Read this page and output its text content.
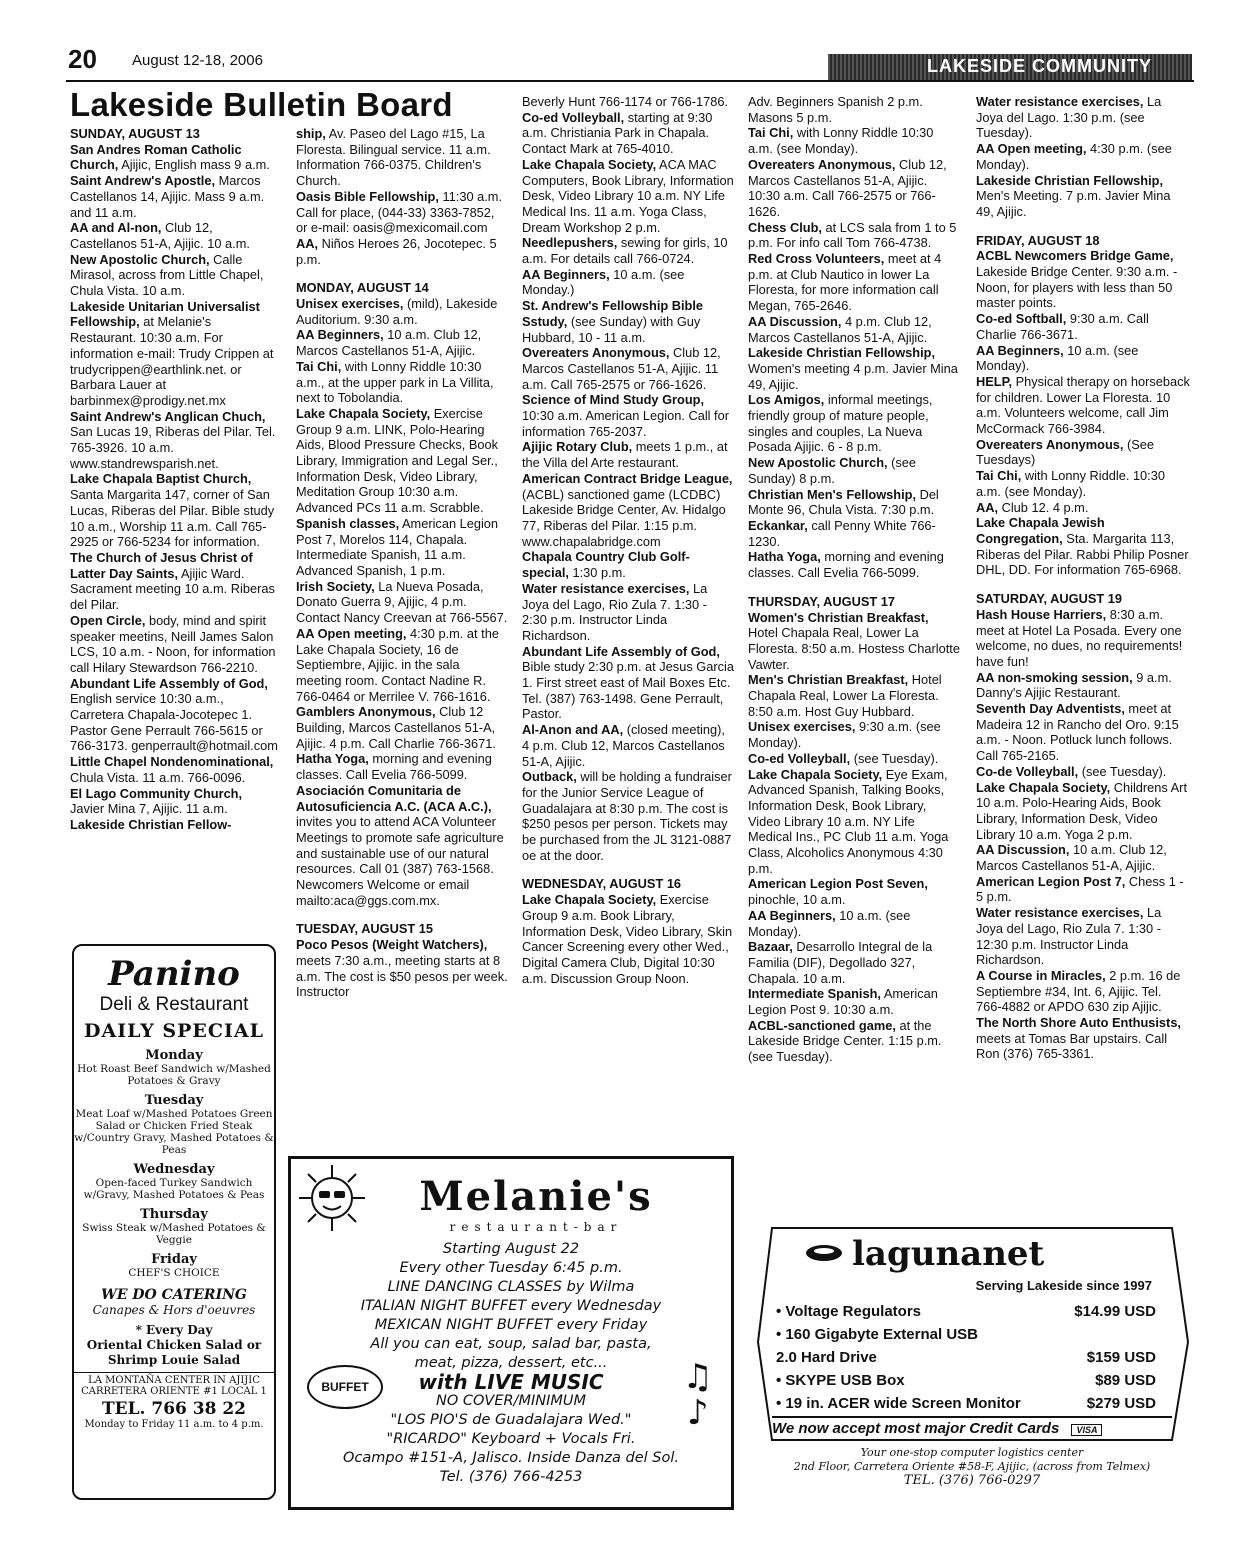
20 August 12-18, 2006	LAKESIDE COMMUNITY
Lakeside Bulletin Board

SUNDAY, AUGUST 13

San Andres Roman Catholic Church, Ajijic, English mass 9 a.m.

Saint Andrew's Apostle, Marcos Castellanos 14, Ajijic. Mass 9 a.m. and 11 a.m.

AA and Al-non, Club 12, Castellanos 51-A, Ajijic. 10 a.m.

New Apostolic Church, Calle Mirasol, across from Little Chapel, Chula Vista. 10 a.m.

Lakeside Unitarian Universalist Fellowship, at Melanie's Restaurant. 10:30 a.m. For information e-mail: Trudy Crippen at trudycrippen@earthlink.net. or Barbara Lauer at barbinmex@prodigy.net.mx

Saint Andrew's Anglican Chuch, San Lucas 19, Riberas del Pilar. Tel. 765-3926. 10 a.m. www.standrewsparish.net.

Lake Chapala Baptist Church, Santa Margarita 147, corner of San Lucas, Riberas del Pilar. Bible study 10 a.m., Worship 11 a.m. Call 765-2925 or 766-5234 for information.

The Church of Jesus Christ of Latter Day Saints, Ajijic Ward. Sacrament meeting 10 a.m. Riberas del Pilar.

Open Circle, body, mind and spirit speaker meetins, Neill James Salon LCS, 10 a.m. - Noon, for information call Hilary Stewardson 766-2210.

Abundant Life Assembly of God, English service 10:30 a.m., Carretera Chapala-Jocotepec 1. Pastor Gene Perrault 766-5615 or 766-3173. genperrault@hotmail.com

Little Chapel Nondenominational, Chula Vista. 11 a.m. 766-0096.

El Lago Community Church, Javier Mina 7, Ajijic. 11 a.m.

Lakeside Christian Fellow-

ship, Av. Paseo del Lago #15, La Floresta. Bilingual service. 11 a.m. Information 766-0375. Children's Church.

Oasis Bible Fellowship, 11:30 a.m. Call for place, (044-33) 3363-7852, or e-mail: oasis@mexicomail.com

AA, Niños Heroes 26, Jocotepec. 5 p.m.

MONDAY, AUGUST 14

Unisex exercises, (mild), Lakeside Auditorium. 9:30 a.m.

AA Beginners, 10 a.m. Club 12, Marcos Castellanos 51-A, Ajijic.

Tai Chi, with Lonny Riddle 10:30 a.m., at the upper park in La Villita, next to Tobolandia.

Lake Chapala Society, Exercise Group 9 a.m. LINK, Polo-Hearing Aids, Blood Pressure Checks, Book Library, Immigration and Legal Ser., Information Desk, Video Library, Meditation Group 10:30 a.m. Advanced PCs 11 a.m. Scrabble.

Spanish classes, American Legion Post 7, Morelos 114, Chapala. Intermediate Spanish, 11 a.m. Advanced Spanish, 1 p.m.

Irish Society, La Nueva Posada, Donato Guerra 9, Ajijic, 4 p.m. Contact Nancy Creevan at 766-5567.

AA Open meeting, 4:30 p.m. at the Lake Chapala Society, 16 de Septiembre, Ajijic. in the sala meeting room. Contact Nadine R. 766-0464 or Merrilee V. 766-1616.

Gamblers Anonymous, Club 12 Building, Marcos Castellanos 51-A, Ajijic. 4 p.m. Call Charlie 766-3671.

Hatha Yoga, morning and evening classes. Call Evelia 766-5099.

Asociación Comunitaria de Autosuficiencia A.C. (ACA A.C.), invites you to attend ACA Volunteer Meetings to promote safe agriculture and sustainable use of our natural resources. Call 01 (387) 763-1568. Newcomers Welcome or email mailto:aca@ggs.com.mx.

TUESDAY, AUGUST 15

Poco Pesos (Weight Watchers), meets 7:30 a.m., meeting starts at 8 a.m. The cost is $50 pesos per week. Instructor

Beverly Hunt 766-1174 or 766-1786.

Co-ed Volleyball, starting at 9:30 a.m. Christiania Park in Chapala. Contact Mark at 765-4010.

Lake Chapala Society, ACA MAC Computers, Book Library, Information Desk, Video Library 10 a.m. NY Life Medical Ins. 11 a.m. Yoga Class, Dream Workshop 2 p.m.

Needlepushers, sewing for girls, 10 a.m. For details call 766-0724.

AA Beginners, 10 a.m. (see Monday.)

St. Andrew's Fellowship Bible Sstudy, (see Sunday) with Guy Hubbard, 10 - 11 a.m.

Overeaters Anonymous, Club 12, Marcos Castellanos 51-A, Ajijic. 11 a.m. Call 765-2575 or 766-1626.

Science of Mind Study Group, 10:30 a.m. American Legion. Call for information 765-2037.

Ajijic Rotary Club, meets 1 p.m., at the Villa del Arte restaurant.

American Contract Bridge League, (ACBL) sanctioned game (LCDBC) Lakeside Bridge Center, Av. Hidalgo 77, Riberas del Pilar. 1:15 p.m. www.chapalabridge.com

Chapala Country Club Golf-special, 1:30 p.m.

Water resistance exercises, La Joya del Lago, Rio Zula 7. 1:30 - 2:30 p.m. Instructor Linda Richardson.

Abundant Life Assembly of God, Bible study 2:30 p.m. at Jesus Garcia 1. First street east of Mail Boxes Etc. Tel. (387) 763-1498. Gene Perrault, Pastor.

Al-Anon and AA, (closed meeting), 4 p.m. Club 12, Marcos Castellanos 51-A, Ajijic.

Outback, will be holding a fundraiser for the Junior Service League of Guadalajara at 8:30 p.m. The cost is $250 pesos per person. Tickets may be purchased from the JL 3121-0887 oe at the door.

WEDNESDAY, AUGUST 16

Lake Chapala Society, Exercise Group 9 a.m. Book Library, Information Desk, Video Library, Skin Cancer Screening every other Wed., Digital Camera Club, Digital 10:30 a.m. Discussion Group Noon.

Adv. Beginners Spanish 2 p.m. Masons 5 p.m.

Tai Chi, with Lonny Riddle 10:30 a.m. (see Monday).

Overeaters Anonymous, Club 12, Marcos Castellanos 51-A, Ajijic. 10:30 a.m. Call 766-2575 or 766-1626.

Chess Club, at LCS sala from 1 to 5 p.m. For info call Tom 766-4738.

Red Cross Volunteers, meet at 4 p.m. at Club Nautico in lower La Floresta, for more information call Megan, 765-2646.

AA Discussion, 4 p.m. Club 12, Marcos Castellanos 51-A, Ajijic.

Lakeside Christian Fellowship, Women's meeting 4 p.m. Javier Mina 49, Ajijic.

Los Amigos, informal meetings, friendly group of mature people, singles and couples, La Nueva Posada Ajijic. 6 - 8 p.m.

New Apostolic Church, (see Sunday) 8 p.m.

Christian Men's Fellowship, Del Monte 96, Chula Vista. 7:30 p.m.

Eckankar, call Penny White 766-1230.

Hatha Yoga, morning and evening classes. Call Evelia 766-5099.

THURSDAY, AUGUST 17

Women's Christian Breakfast, Hotel Chapala Real, Lower La Floresta. 8:50 a.m. Hostess Charlotte Vawter.

Men's Christian Breakfast, Hotel Chapala Real, Lower La Floresta. 8:50 a.m. Host Guy Hubbard.

Unisex exercises, 9:30 a.m. (see Monday).

Co-ed Volleyball, (see Tuesday).

Lake Chapala Society, Eye Exam, Advanced Spanish, Talking Books, Information Desk, Book Library, Video Library 10 a.m. NY Life Medical Ins., PC Club 11 a.m. Yoga Class, Alcoholics Anonymous 4:30 p.m.

American Legion Post Seven, pinochle, 10 a.m.

AA Beginners, 10 a.m. (see Monday).

Bazaar, Desarrollo Integral de la Familia (DIF), Degollado 327, Chapala. 10 a.m.

Intermediate Spanish, American Legion Post 9. 10:30 a.m.

ACBL-sanctioned game, at the Lakeside Bridge Center. 1:15 p.m. (see Tuesday).

Water resistance exercises, La Joya del Lago. 1:30 p.m. (see Tuesday).

AA Open meeting, 4:30 p.m. (see Monday).

Lakeside Christian Fellowship, Men's Meeting. 7 p.m. Javier Mina 49, Ajijic.

FRIDAY, AUGUST 18

ACBL Newcomers Bridge Game, Lakeside Bridge Center. 9:30 a.m. - Noon, for players with less than 50 master points.

Co-ed Softball, 9:30 a.m. Call Charlie 766-3671.

AA Beginners, 10 a.m. (see Monday).

HELP, Physical therapy on horseback for children. Lower La Floresta. 10 a.m. Volunteers welcome, call Jim McCormack 766-3984.

Overeaters Anonymous, (See Tuesdays)

Tai Chi, with Lonny Riddle. 10:30 a.m. (see Monday).

AA, Club 12. 4 p.m.

Lake Chapala Jewish Congregation, Sta. Margarita 113, Riberas del Pilar. Rabbi Philip Posner DHL, DD. For information 765-6968.

SATURDAY, AUGUST 19

Hash House Harriers, 8:30 a.m. meet at Hotel La Posada. Every one welcome, no dues, no requirements! have fun!

AA non-smoking session, 9 a.m. Danny's Ajijic Restaurant.

Seventh Day Adventists, meet at Madeira 12 in Rancho del Oro. 9:15 a.m. - Noon. Potluck lunch follows. Call 765-2165.

Co-de Volleyball, (see Tuesday).

Lake Chapala Society, Childrens Art 10 a.m. Polo-Hearing Aids, Book Library, Information Desk, Video Library 10 a.m. Yoga 2 p.m.

AA Discussion, 10 a.m. Club 12, Marcos Castellanos 51-A, Ajijic.

American Legion Post 7, Chess 1 - 5 p.m.

Water resistance exercises, La Joya del Lago, Rio Zula 7. 1:30 - 12:30 p.m. Instructor Linda Richardson.

A Course in Miracles, 2 p.m. 16 de Septiembre #34, Int. 6, Ajijic. Tel. 766-4882 or APDO 630 zip Ajijic.

The North Shore Auto Enthusists, meets at Tomas Bar upstairs. Call Ron (376) 765-3361.

Panino
Deli & Restaurant
DAILY SPECIAL
Monday
Hot Roast Beef Sandwich w/Mashed Potatoes & Gravy
Tuesday
Meat Loaf w/Mashed Potatoes Green Salad or Chicken Fried Steak w/Country Gravy, Mashed Potatoes & Peas
Wednesday
Open-faced Turkey Sandwich w/Gravy, Mashed Potatoes & Peas
Thursday
Swiss Steak w/Mashed Potatoes & Veggie
Friday
CHEF'S CHOICE
WE DO CATERING
Canapes & Hors d'oeuvres
* Every Day
Oriental Chicken Salad or Shrimp Louie Salad
LA MONTAÑA CENTER IN AJIJIC CARRETERA ORIENTE #1 LOCAL 1
TEL. 766 38 22
Monday to Friday 11 a.m. to 4 p.m.
Melanie's
restaurant-bar
Starting August 22
Every other Tuesday 6:45 p.m.
LINE DANCING CLASSES by Wilma
ITALIAN NIGHT BUFFET every Wednesday
MEXICAN NIGHT BUFFET every Friday
All you can eat, soup, salad bar, pasta,
meat, pizza, dessert, etc...
with LIVE MUSIC
NO COVER/MINIMUM
"LOS PIO'S de Guadalajara Wed."
"RICARDO" Keyboard + Vocals Fri.
Ocampo #151-A, Jalisco. Inside Danza del Sol.
Tel. (376) 766-4253
BUFFET	♫
♪
lagunanet
Serving Lakeside since 1997
• Voltage Regulators	$14.99 USD
• 160 Gigabyte External USB
2.0 Hard Drive	$159 USD
• SKYPE USB Box	$89 USD
• 19 in. ACER wide Screen Monitor	$279 USD
We now accept most major Credit Cards VISA
Your one-stop computer logistics center
2nd Floor, Carretera Oriente #58-F, Ajijic, (across from Telmex)
TEL. (376) 766-0297
